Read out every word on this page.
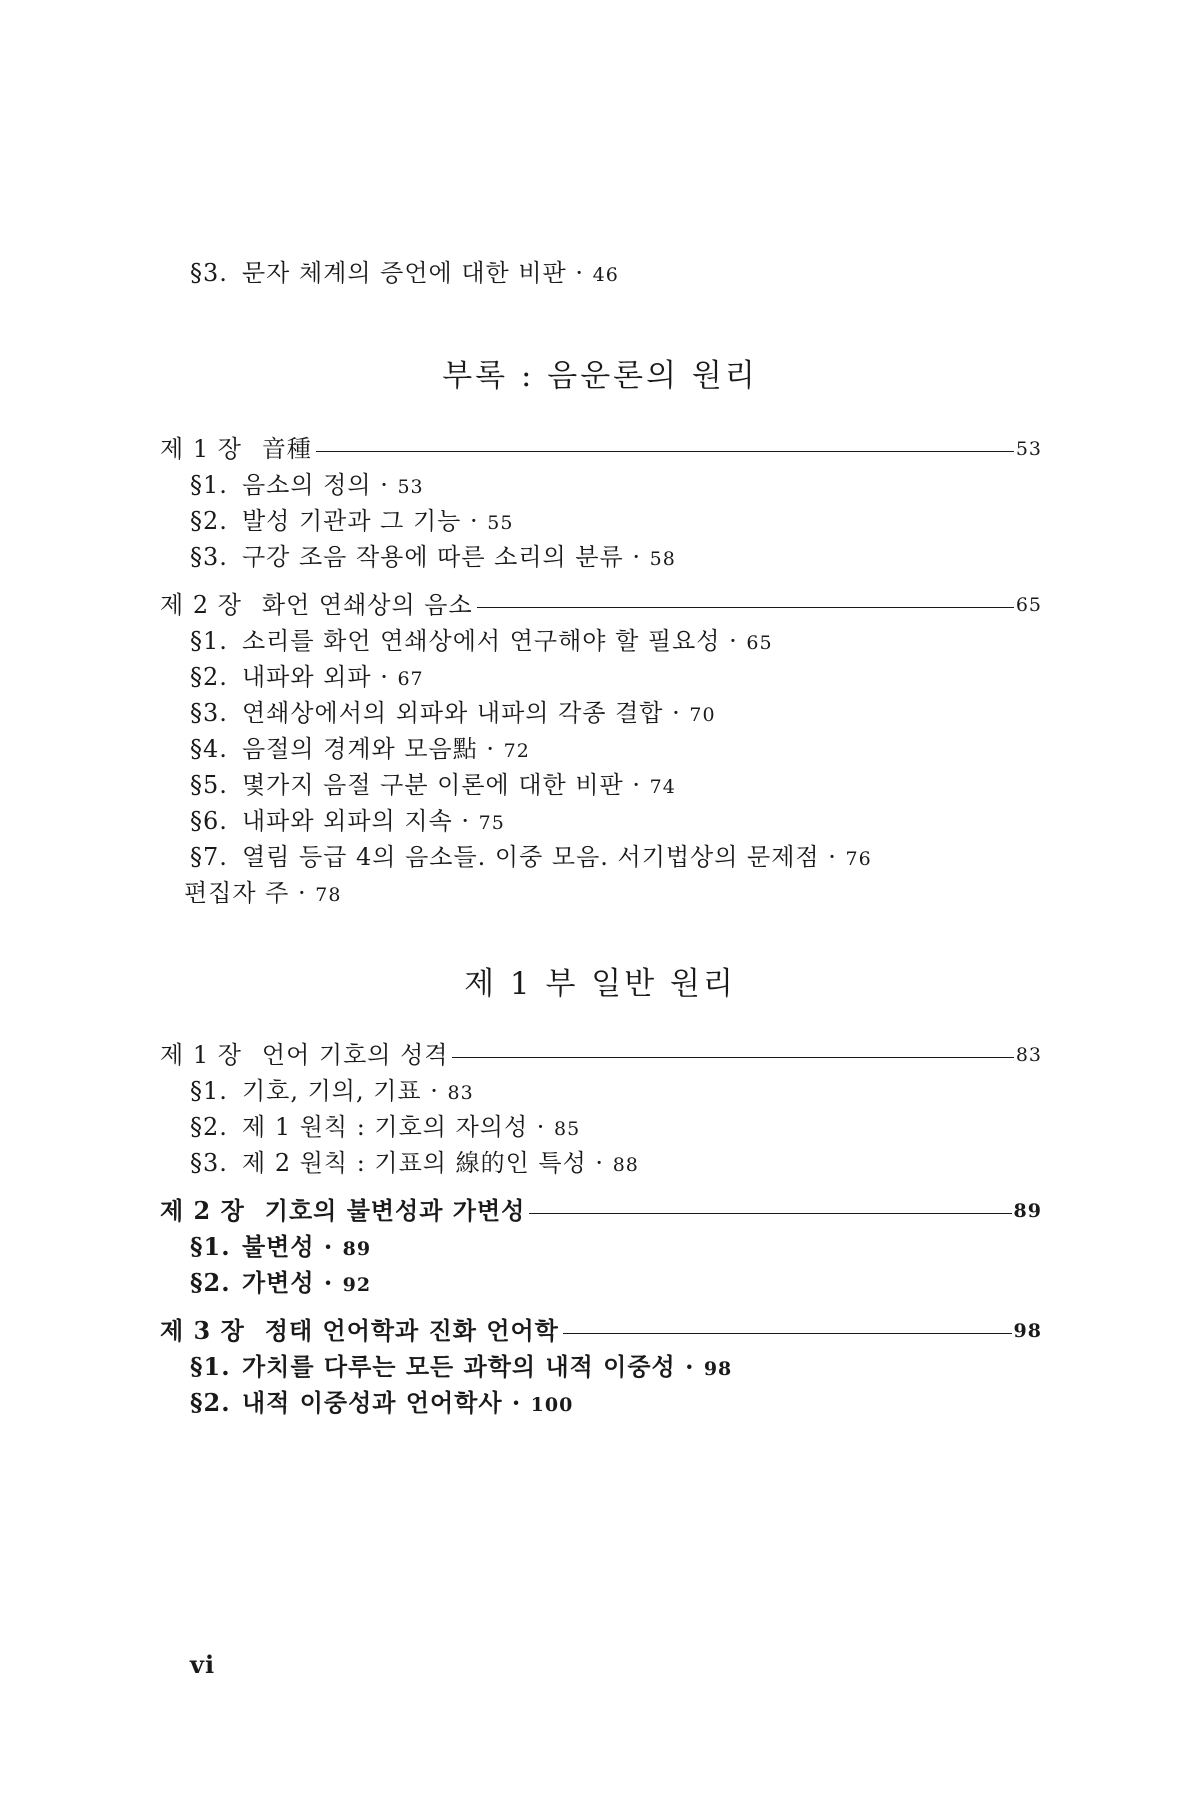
§3. 문자 체계의 증언에 대한 비판 · 46
부록 : 음운론의 원리
제 1 장 音種	53
§1. 음소의 정의 · 53
§2. 발성 기관과 그 기능 · 55
§3. 구강 조음 작용에 따른 소리의 분류 · 58
제 2 장 화언 연쇄상의 음소	65
§1. 소리를 화언 연쇄상에서 연구해야 할 필요성 · 65
§2. 내파와 외파 · 67
§3. 연쇄상에서의 외파와 내파의 각종 결합 · 70
§4. 음절의 경계와 모음點 · 72
§5. 몇가지 음절 구분 이론에 대한 비판 · 74
§6. 내파와 외파의 지속 · 75
§7. 열림 등급 4의 음소들. 이중 모음. 서기법상의 문제점 · 76
편집자 주 · 78
제 1 부 일반 원리
제 1 장 언어 기호의 성격	83
§1. 기호, 기의, 기표 · 83
§2. 제 1 원칙 : 기호의 자의성 · 85
§3. 제 2 원칙 : 기표의 線的인 특성 · 88
제 2 장 기호의 불변성과 가변성	89
§1. 불변성 · 89
§2. 가변성 · 92
제 3 장 정태 언어학과 진화 언어학	98
§1. 가치를 다루는 모든 과학의 내적 이중성 · 98
§2. 내적 이중성과 언어학사 · 100
vi
